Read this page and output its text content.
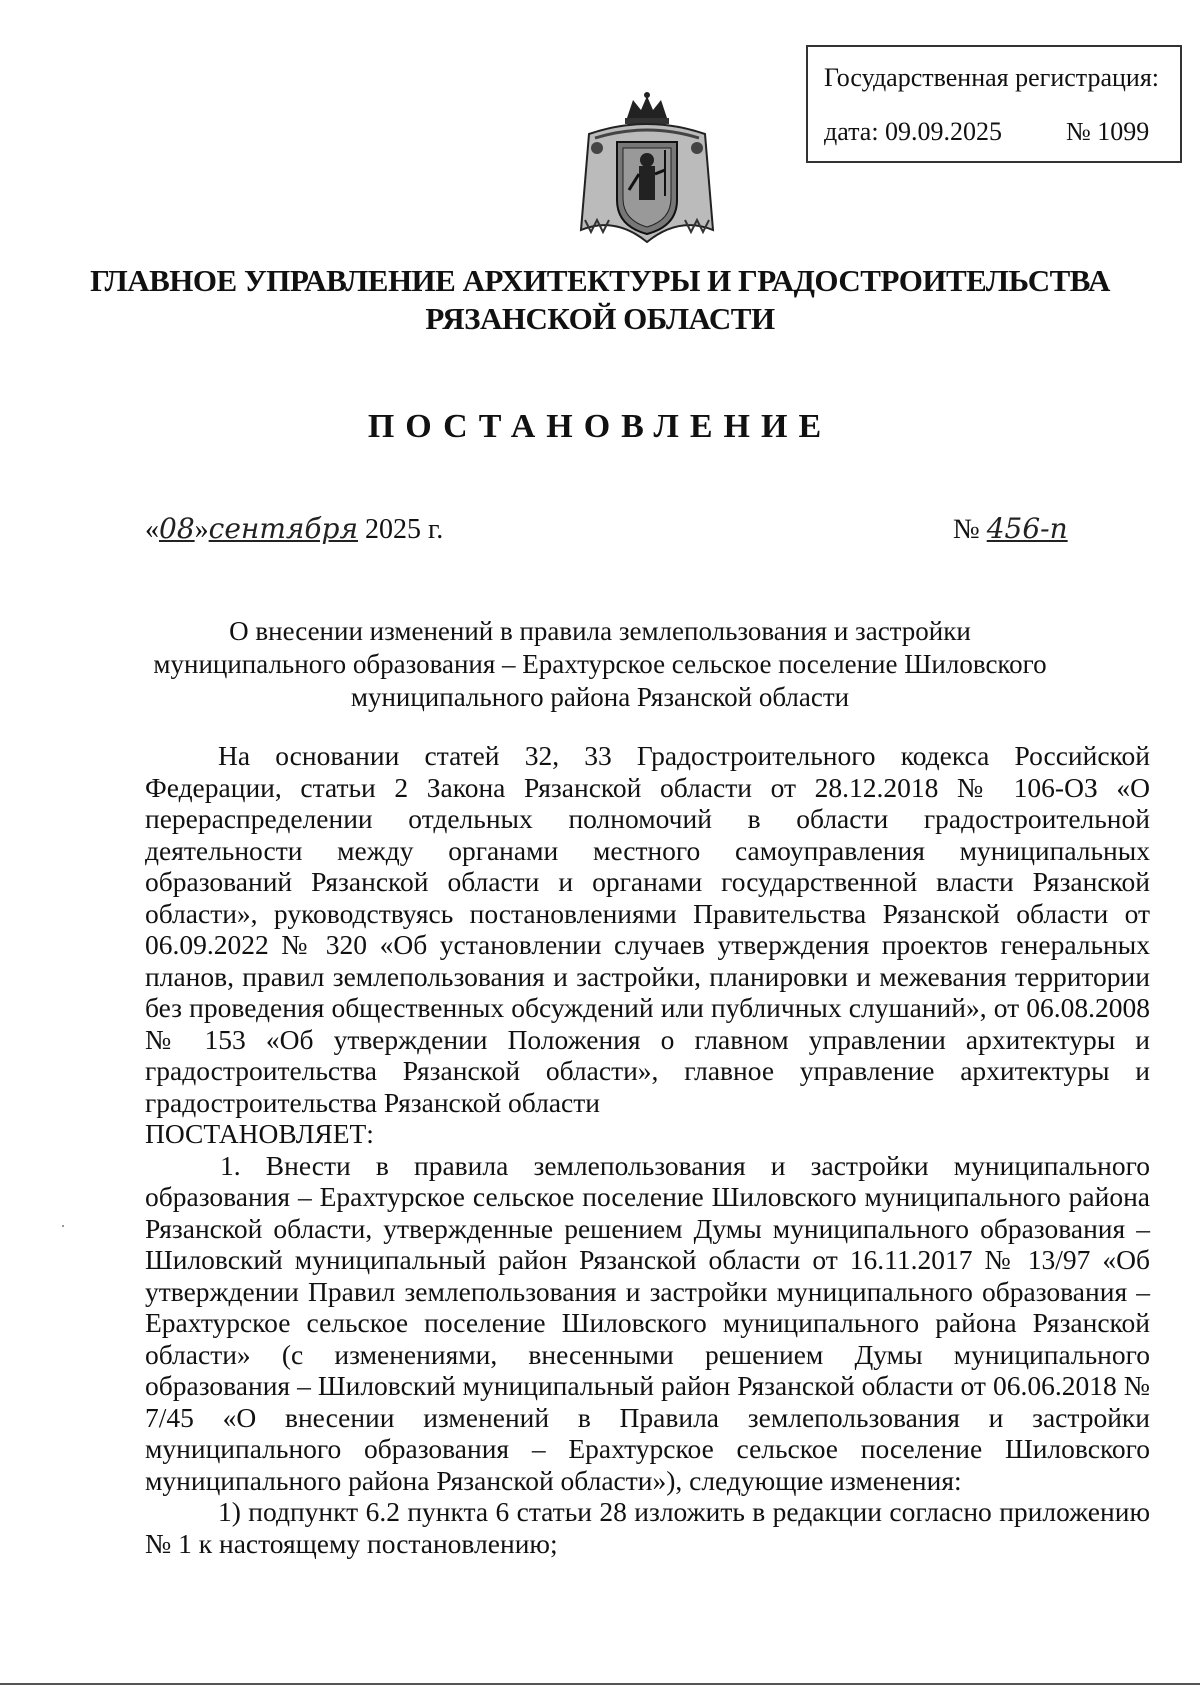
Государственная регистрация:
дата: 09.09.2025 № 1099
ГЛАВНОЕ УПРАВЛЕНИЕ АРХИТЕКТУРЫ И ГРАДОСТРОИТЕЛЬСТВА
РЯЗАНСКОЙ ОБЛАСТИ
ПОСТАНОВЛЕНИЕ
«08»сентября 2025 г.	№ 456-п
О внесении изменений в правила землепользования и застройки
муниципального образования – Ерахтурское сельское поселение Шиловского
муниципального района Рязанской области

На основании статей 32, 33 Градостроительного кодекса Российской Федерации, статьи 2 Закона Рязанской области от 28.12.2018 № 106-ОЗ «О перераспределении отдельных полномочий в области градостроительной деятельности между органами местного самоуправления муниципальных образований Рязанской области и органами государственной власти Рязанской области», руководствуясь постановлениями Правительства Рязанской области от 06.09.2022 № 320 «Об установлении случаев утверждения проектов генеральных планов, правил землепользования и застройки, планировки и межевания территории без проведения общественных обсуждений или публичных слушаний», от 06.08.2008 № 153 «Об утверждении Положения о главном управлении архитектуры и градостроительства Рязанской области», главное управление архитектуры и градостроительства Рязанской области

ПОСТАНОВЛЯЕТ:

1. Внести в правила землепользования и застройки муниципального образования – Ерахтурское сельское поселение Шиловского муниципального района Рязанской области, утвержденные решением Думы муниципального образования – Шиловский муниципальный район Рязанской области от 16.11.2017 № 13/97 «Об утверждении Правил землепользования и застройки муниципального образования – Ерахтурское сельское поселение Шиловского муниципального района Рязанской области» (с изменениями, внесенными решением Думы муниципального образования – Шиловский муниципальный район Рязанской области от 06.06.2018 № 7/45 «О внесении изменений в Правила землепользования и застройки муниципального образования – Ерахтурское сельское поселение Шиловского муниципального района Рязанской области»), следующие изменения:

1) подпункт 6.2 пункта 6 статьи 28 изложить в редакции согласно приложению № 1 к настоящему постановлению;
